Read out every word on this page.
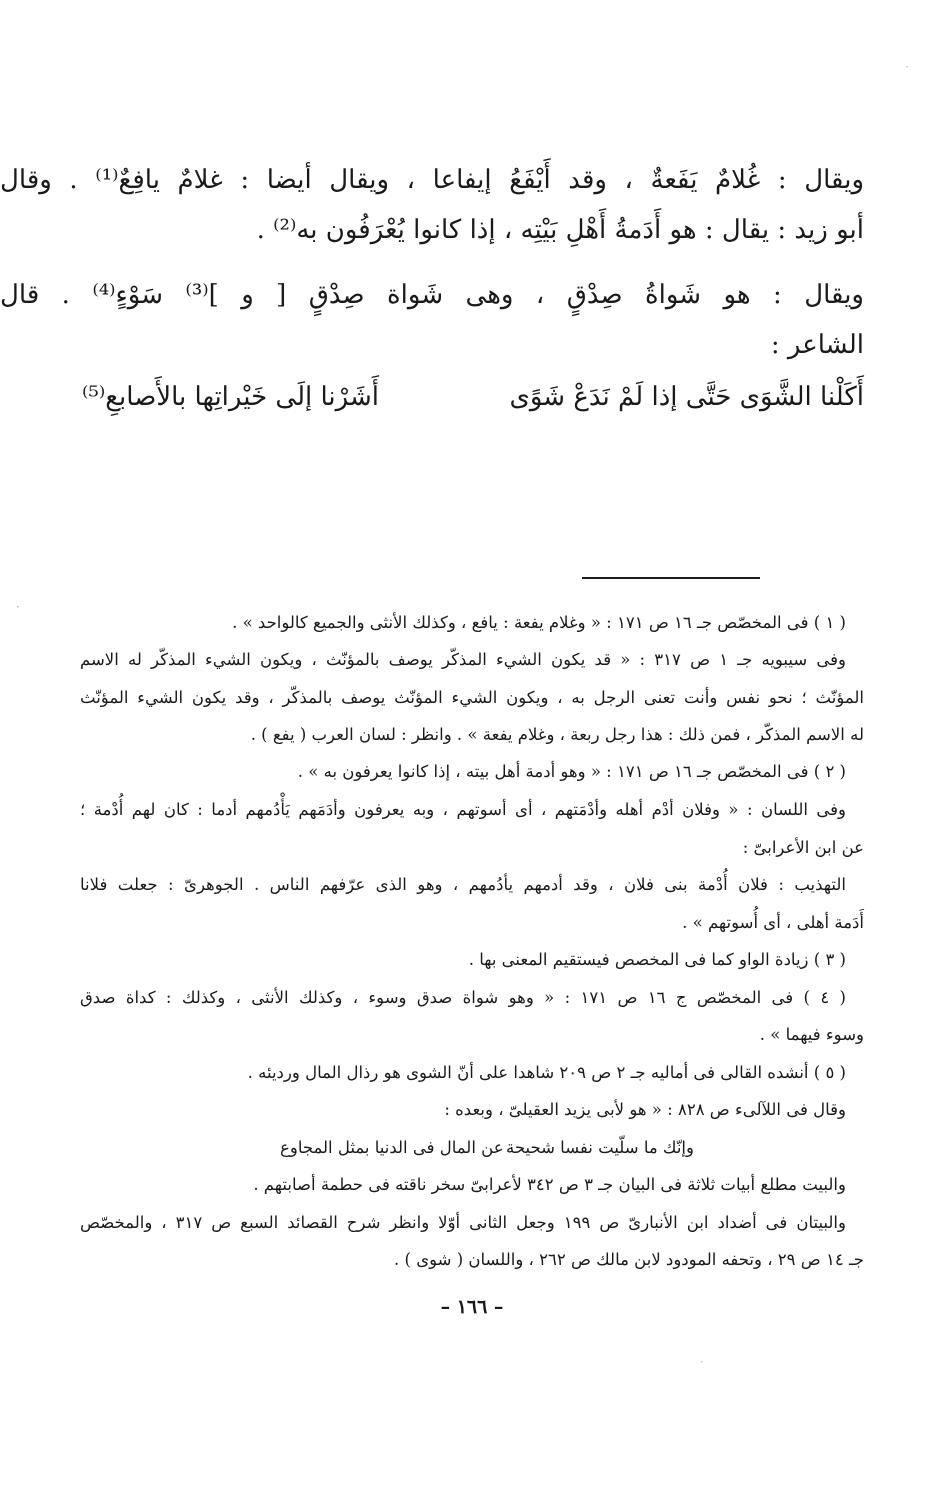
ويقال : غُلامٌ يَفَعةٌ ، وقد أَيْفَعُ إيفاعا ، ويقال أيضا : غلامٌ يافِعٌ⁽¹⁾ . وقال
أبو زيد : يقال : هو أَدَمةُ أَهْلِ بَيْتِه ، إذا كانوا يُعْرَفُون به⁽²⁾ .
ويقال : هو شَواةُ صِدْقٍ ، وهى شَواة صِدْقٍ [ و ]⁽³⁾ سَوْءٍ⁽⁴⁾ . قال
الشاعر :
أَكَلْنا الشَّوَى حَتَّى إذا لَمْ نَدَعْ شَوًى
أَشَرْنا إلَى خَيْراتِها بالأَصابعِ⁽⁵⁾
( ١ ) فى المخصّص جـ ١٦ ص ١٧١ : « وغلام يفعة : يافع ، وكذلك الأنثى والجميع كالواحد » .
وفى سيبويه جـ ١ ص ٣١٧ : « قد يكون الشيء المذكّر يوصف بالمؤنّث ، ويكون الشيء المذكّر له الاسم
المؤنّث ؛ نحو نفس وأنت تعنى الرجل به ، ويكون الشيء المؤنّث يوصف بالمذكّر ، وقد يكون الشيء المؤنّث
له الاسم المذكّر ، فمن ذلك : هذا رجل ربعة ، وغلام يفعة » . وانظر : لسان العرب ( يفع ) .
( ٢ ) فى المخصّص جـ ١٦ ص ١٧١ : « وهو أدمة أهل بيته ، إذا كانوا يعرفون به » .
وفى اللسان : « وفلان أدْم أهله وأدْمَتهم ، أى أسوتهم ، وبه يعرفون وأدَمَهم يَأْدُمهم أدما : كان لهم أُدْمة ؛
عن ابن الأعرابىّ :
التهذيب : فلان أُدْمة بنى فلان ، وقد أدمهم يأدُمهم ، وهو الذى عرّفهم الناس . الجوهرىّ : جعلت فلانا
أَدَمة أهلى ، أى أُسوتهم » .
( ٣ ) زيادة الواو كما فى المخصص فيستقيم المعنى بها .
( ٤ ) فى المخصّص ج ١٦ ص ١٧١ : « وهو شواة صدق وسوء ، وكذلك الأنثى ، وكذلك : كداة صدق
وسوء فيهما » .
( ٥ ) أنشده القالى فى أماليه جـ ٢ ص ٢٠٩ شاهدا على أنّ الشوى هو رذال المال ورديئه .
وقال فى اللآلىء ص ٨٢٨ : « هو لأبى يزيد العقيلىّ ، وبعده :
وإنّك ما سلّيت نفسا شحيحة
عن المال فى الدنيا بمثل المجاوع
والبيت مطلع أبيات ثلاثة فى البيان جـ ٣ ص ٣٤٢ لأعرابىّ سخر ناقته فى حطمة أصابتهم .
والبيتان فى أضداد ابن الأنبارىّ ص ١٩٩ وجعل الثانى أوّلا وانظر شرح القصائد السبع ص ٣١٧ ، والمخصّص
جـ ١٤ ص ٢٩ ، وتحفه المودود لابن مالك ص ٢٦٢ ، واللسان ( شوى ) .
– ١٦٦ –
·
·
·
